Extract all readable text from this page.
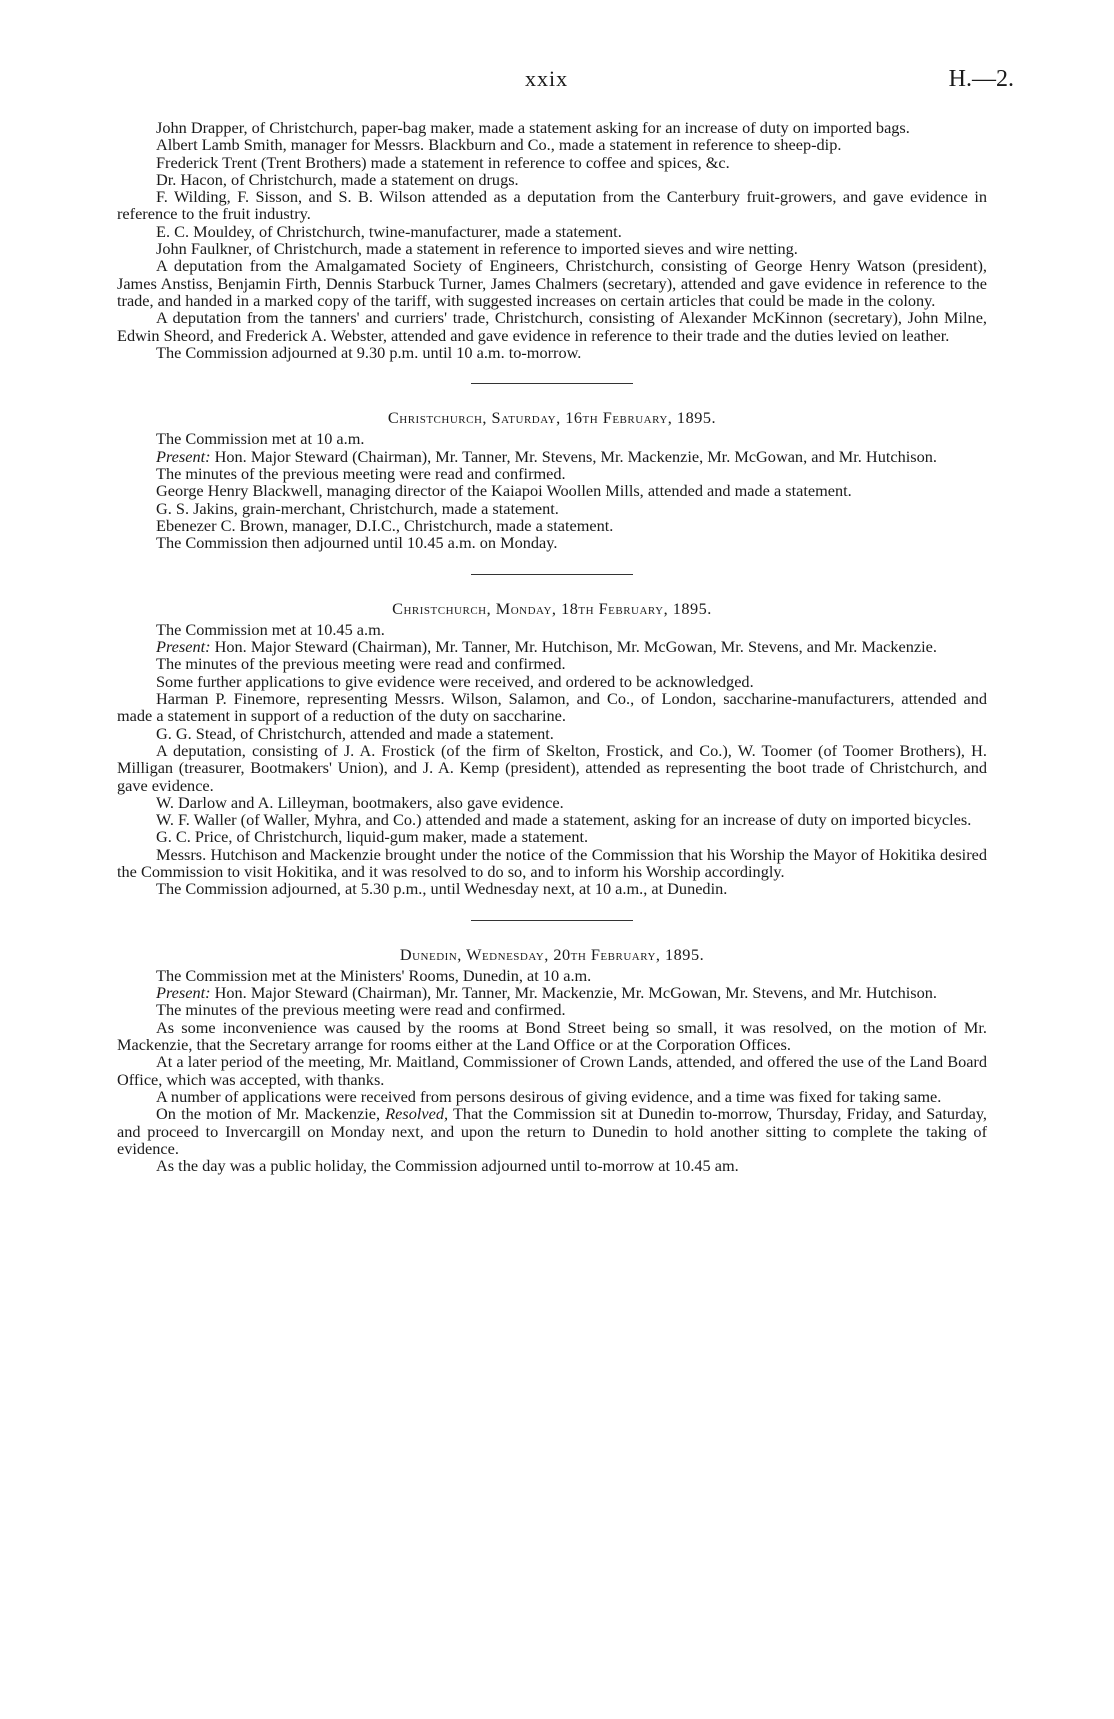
xxix	H.—2.

John Drapper, of Christchurch, paper-bag maker, made a statement asking for an increase of duty on imported bags.

Albert Lamb Smith, manager for Messrs. Blackburn and Co., made a statement in reference to sheep-dip.

Frederick Trent (Trent Brothers) made a statement in reference to coffee and spices, &c.

Dr. Hacon, of Christchurch, made a statement on drugs.

F. Wilding, F. Sisson, and S. B. Wilson attended as a deputation from the Canterbury fruit-growers, and gave evidence in reference to the fruit industry.

E. C. Mouldey, of Christchurch, twine-manufacturer, made a statement.

John Faulkner, of Christchurch, made a statement in reference to imported sieves and wire netting.

A deputation from the Amalgamated Society of Engineers, Christchurch, consisting of George Henry Watson (president), James Anstiss, Benjamin Firth, Dennis Starbuck Turner, James Chalmers (secretary), attended and gave evidence in reference to the trade, and handed in a marked copy of the tariff, with suggested increases on certain articles that could be made in the colony.

A deputation from the tanners' and curriers' trade, Christchurch, consisting of Alexander McKinnon (secretary), John Milne, Edwin Sheord, and Frederick A. Webster, attended and gave evidence in reference to their trade and the duties levied on leather.

The Commission adjourned at 9.30 p.m. until 10 a.m. to-morrow.

Christchurch, Saturday, 16th February, 1895.

The Commission met at 10 a.m.

Present: Hon. Major Steward (Chairman), Mr. Tanner, Mr. Stevens, Mr. Mackenzie, Mr. McGowan, and Mr. Hutchison.

The minutes of the previous meeting were read and confirmed.

George Henry Blackwell, managing director of the Kaiapoi Woollen Mills, attended and made a statement.

G. S. Jakins, grain-merchant, Christchurch, made a statement.

Ebenezer C. Brown, manager, D.I.C., Christchurch, made a statement.

The Commission then adjourned until 10.45 a.m. on Monday.

Christchurch, Monday, 18th February, 1895.

The Commission met at 10.45 a.m.

Present: Hon. Major Steward (Chairman), Mr. Tanner, Mr. Hutchison, Mr. McGowan, Mr. Stevens, and Mr. Mackenzie.

The minutes of the previous meeting were read and confirmed.

Some further applications to give evidence were received, and ordered to be acknowledged.

Harman P. Finemore, representing Messrs. Wilson, Salamon, and Co., of London, saccharine-manufacturers, attended and made a statement in support of a reduction of the duty on saccharine.

G. G. Stead, of Christchurch, attended and made a statement.

A deputation, consisting of J. A. Frostick (of the firm of Skelton, Frostick, and Co.), W. Toomer (of Toomer Brothers), H. Milligan (treasurer, Bootmakers' Union), and J. A. Kemp (president), attended as representing the boot trade of Christchurch, and gave evidence.

W. Darlow and A. Lilleyman, bootmakers, also gave evidence.

W. F. Waller (of Waller, Myhra, and Co.) attended and made a statement, asking for an increase of duty on imported bicycles.

G. C. Price, of Christchurch, liquid-gum maker, made a statement.

Messrs. Hutchison and Mackenzie brought under the notice of the Commission that his Worship the Mayor of Hokitika desired the Commission to visit Hokitika, and it was resolved to do so, and to inform his Worship accordingly.

The Commission adjourned, at 5.30 p.m., until Wednesday next, at 10 a.m., at Dunedin.

Dunedin, Wednesday, 20th February, 1895.

The Commission met at the Ministers' Rooms, Dunedin, at 10 a.m.

Present: Hon. Major Steward (Chairman), Mr. Tanner, Mr. Mackenzie, Mr. McGowan, Mr. Stevens, and Mr. Hutchison.

The minutes of the previous meeting were read and confirmed.

As some inconvenience was caused by the rooms at Bond Street being so small, it was resolved, on the motion of Mr. Mackenzie, that the Secretary arrange for rooms either at the Land Office or at the Corporation Offices.

At a later period of the meeting, Mr. Maitland, Commissioner of Crown Lands, attended, and offered the use of the Land Board Office, which was accepted, with thanks.

A number of applications were received from persons desirous of giving evidence, and a time was fixed for taking same.

On the motion of Mr. Mackenzie, Resolved, That the Commission sit at Dunedin to-morrow, Thursday, Friday, and Saturday, and proceed to Invercargill on Monday next, and upon the return to Dunedin to hold another sitting to complete the taking of evidence.

As the day was a public holiday, the Commission adjourned until to-morrow at 10.45 am.
